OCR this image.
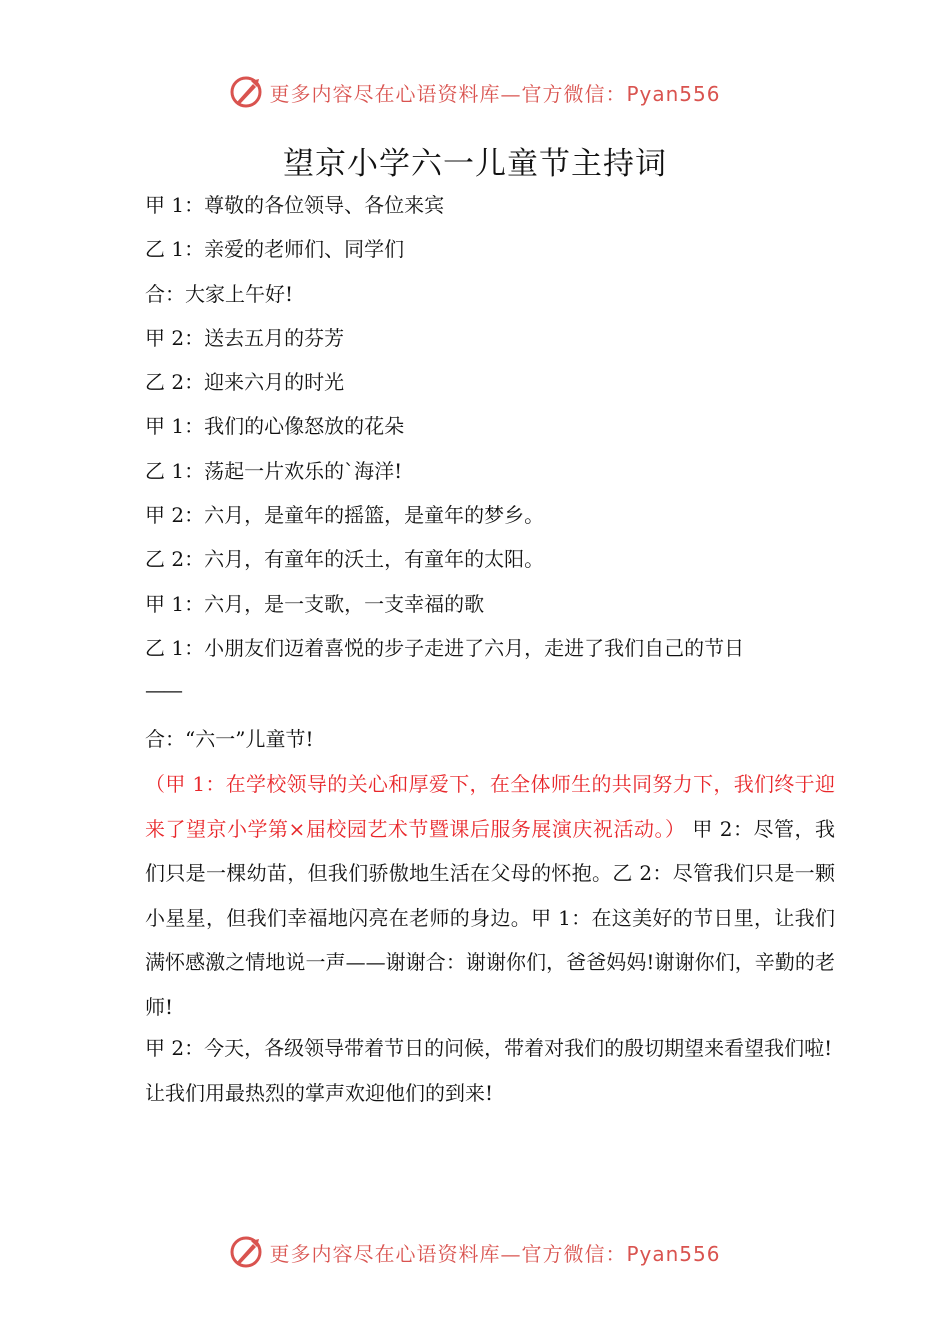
更多内容尽在心语资料库— 官方微信：Pyan556
望京小学六一儿童节主持词
甲 1：尊敬的各位领导、各位来宾
乙 1：亲爱的老师们、同学们
合：大家上午好!
甲 2：送去五月的芬芳
乙 2：迎来六月的时光
甲 1：我们的心像怒放的花朵
乙 1：荡起一片欢乐的`海洋!
甲 2：六月，是童年的摇篮，是童年的梦乡。
乙 2：六月，有童年的沃土，有童年的太阳。
甲 1：六月，是一支歌，一支幸福的歌
乙 1：小朋友们迈着喜悦的步子走进了六月，走进了我们自己的节日
——
合：“六一”儿童节!
（甲 1：在学校领导的关心和厚爱下，在全体师生的共同努力下，我们终于迎来了望京小学第×届校园艺术节暨课后服务展演庆祝活动。） 甲 2：尽管，我们只是一棵幼苗，但我们骄傲地生活在父母的怀抱。乙 2：尽管我们只是一颗小星星，但我们幸福地闪亮在老师的身边。甲 1：在这美好的节日里，让我们满怀感激之情地说一声——谢谢合：谢谢你们，爸爸妈妈!谢谢你们，辛勤的老师!
甲 2：今天，各级领导带着节日的问候，带着对我们的殷切期望来看望我们啦!让我们用最热烈的掌声欢迎他们的到来!
更多内容尽在心语资料库— 官方微信：Pyan556
